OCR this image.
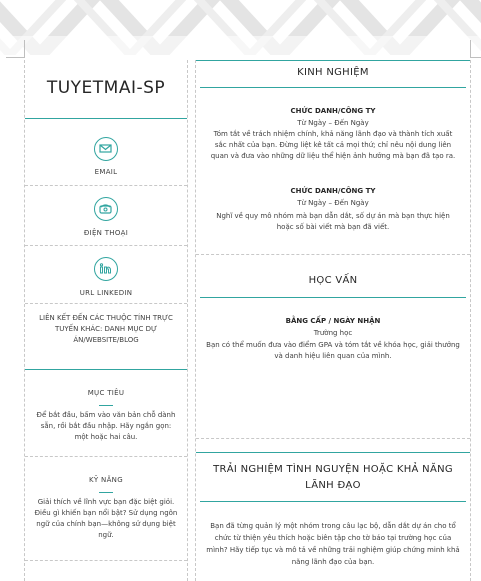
TUYETMAI-SP
EMAIL
ĐIỆN THOẠI
URL LINKEDIN
LIÊN KẾT ĐẾN CÁC THUỘC TÍNH TRỰC TUYẾN KHÁC: DANH MỤC DỰ ÁN/WEBSITE/BLOG
MỤC TIÊU
Để bắt đầu, bấm vào văn bản chỗ dành sẵn, rồi bắt đầu nhập. Hãy ngắn gọn: một hoặc hai câu.
KỸ NĂNG
Giải thích về lĩnh vực bạn đặc biệt giỏi. Điều gì khiến bạn nổi bật? Sử dụng ngôn ngữ của chính bạn—không sử dụng biệt ngữ.
KINH NGHIỆM
CHỨC DANH/CÔNG TY
Từ Ngày – Đến Ngày
Tóm tắt về trách nhiệm chính, khả năng lãnh đạo và thành tích xuất sắc nhất của bạn. Đừng liệt kê tất cả mọi thứ; chỉ nêu nội dung liên quan và đưa vào những dữ liệu thể hiện ảnh hưởng mà bạn đã tạo ra.
CHỨC DANH/CÔNG TY
Từ Ngày – Đến Ngày
Nghĩ về quy mô nhóm mà bạn dẫn dắt, số dự án mà bạn thực hiện hoặc số bài viết mà bạn đã viết.
HỌC VẤN
BẰNG CẤP / NGÀY NHẬN
Trường học
Bạn có thể muốn đưa vào điểm GPA và tóm tắt về khóa học, giải thưởng và danh hiệu liên quan của mình.
TRẢI NGHIỆM TÌNH NGUYỆN HOẶC KHẢ NĂNG LÃNH ĐẠO
Bạn đã từng quản lý một nhóm trong câu lạc bộ, dẫn dắt dự án cho tổ chức từ thiện yêu thích hoặc biên tập cho tờ báo tại trường học của mình? Hãy tiếp tục và mô tả về những trải nghiệm giúp chứng minh khả năng lãnh đạo của bạn.
